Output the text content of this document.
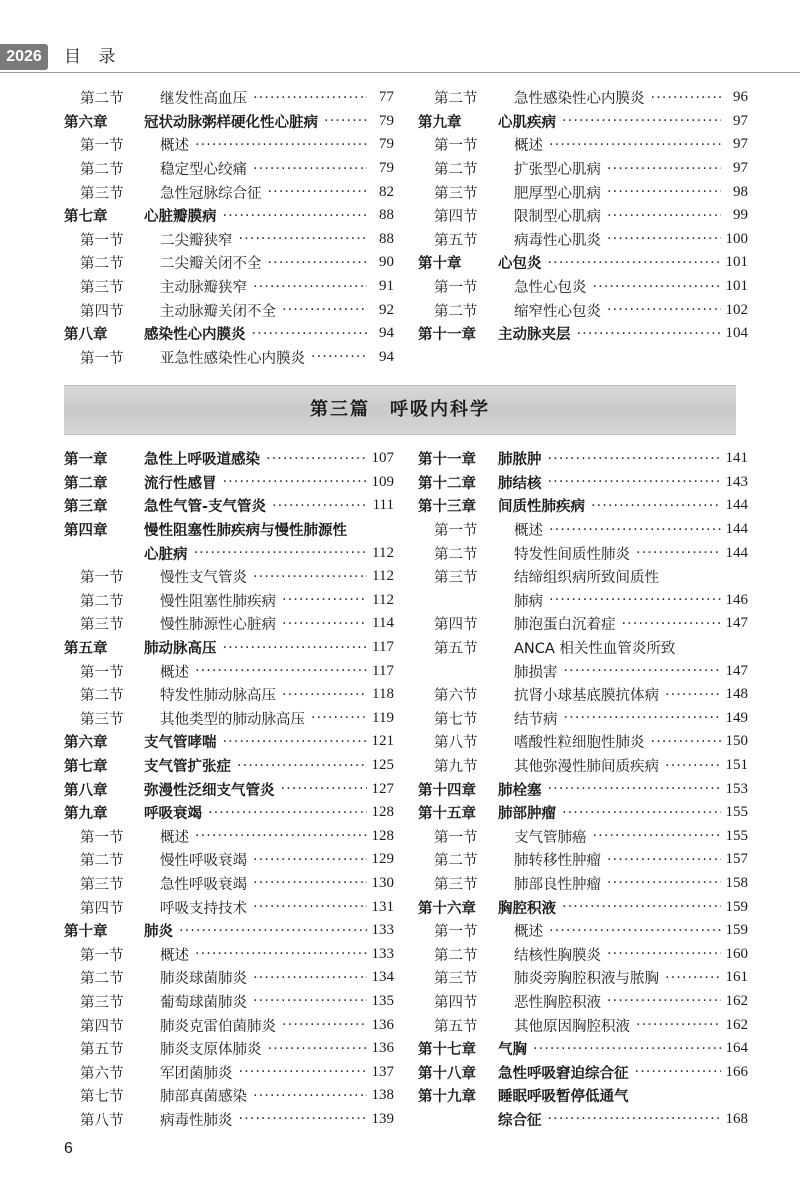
2026	目 录
第二节	继发性高血压 ·····	77
第六章	冠状动脉粥样硬化性心脏病 ·····	79
第一节	概述 ·····	79
第二节	稳定型心绞痛 ·····	79
第三节	急性冠脉综合征 ·····	82
第七章	心脏瓣膜病 ·····	88
第一节	二尖瓣狭窄 ·····	88
第二节	二尖瓣关闭不全 ·····	90
第三节	主动脉瓣狭窄 ·····	91
第四节	主动脉瓣关闭不全 ·····	92
第八章	感染性心内膜炎 ·····	94
第一节	亚急性感染性心内膜炎 ·····	94
第二节	急性感染性心内膜炎 ·····	96
第九章	心肌疾病 ·····	97
第一节	概述 ·····	97
第二节	扩张型心肌病 ·····	97
第三节	肥厚型心肌病 ·····	98
第四节	限制型心肌病 ·····	99
第五节	病毒性心肌炎 ·····	100
第十章	心包炎 ·····	101
第一节	急性心包炎 ·····	101
第二节	缩窄性心包炎 ·····	102
第十一章	主动脉夹层 ·····	104
第三篇　呼吸内科学
第一章	急性上呼吸道感染 ·····	107
第二章	流行性感冒 ·····	109
第三章	急性气管-支气管炎 ·····	111
第四章	慢性阻塞性肺疾病与慢性肺源性
心脏病 ·····	112
第一节	慢性支气管炎 ·····	112
第二节	慢性阻塞性肺疾病 ·····	112
第三节	慢性肺源性心脏病 ·····	114
第五章	肺动脉高压 ·····	117
第一节	概述 ·····	117
第二节	特发性肺动脉高压 ·····	118
第三节	其他类型的肺动脉高压 ·····	119
第六章	支气管哮喘 ·····	121
第七章	支气管扩张症 ·····	125
第八章	弥漫性泛细支气管炎 ·····	127
第九章	呼吸衰竭 ·····	128
第一节	概述 ·····	128
第二节	慢性呼吸衰竭 ·····	129
第三节	急性呼吸衰竭 ·····	130
第四节	呼吸支持技术 ·····	131
第十章	肺炎 ·····	133
第一节	概述 ·····	133
第二节	肺炎球菌肺炎 ·····	134
第三节	葡萄球菌肺炎 ·····	135
第四节	肺炎克雷伯菌肺炎 ·····	136
第五节	肺炎支原体肺炎 ·····	136
第六节	军团菌肺炎 ·····	137
第七节	肺部真菌感染 ·····	138
第八节	病毒性肺炎 ·····	139
第十一章	肺脓肿 ·····	141
第十二章	肺结核 ·····	143
第十三章	间质性肺疾病 ·····	144
第一节	概述 ·····	144
第二节	特发性间质性肺炎 ·····	144
第三节	结缔组织病所致间质性
肺病 ·····	146
第四节	肺泡蛋白沉着症 ·····	147
第五节	ANCA 相关性血管炎所致
肺损害 ·····	147
第六节	抗肾小球基底膜抗体病 ·····	148
第七节	结节病 ·····	149
第八节	嗜酸性粒细胞性肺炎 ·····	150
第九节	其他弥漫性肺间质疾病 ·····	151
第十四章	肺栓塞 ·····	153
第十五章	肺部肿瘤 ·····	155
第一节	支气管肺癌 ·····	155
第二节	肺转移性肿瘤 ·····	157
第三节	肺部良性肿瘤 ·····	158
第十六章	胸腔积液 ·····	159
第一节	概述 ·····	159
第二节	结核性胸膜炎 ·····	160
第三节	肺炎旁胸腔积液与脓胸 ·····	161
第四节	恶性胸腔积液 ·····	162
第五节	其他原因胸腔积液 ·····	162
第十七章	气胸 ·····	164
第十八章	急性呼吸窘迫综合征 ·····	166
第十九章	睡眠呼吸暂停低通气
综合征 ·····	168
6
